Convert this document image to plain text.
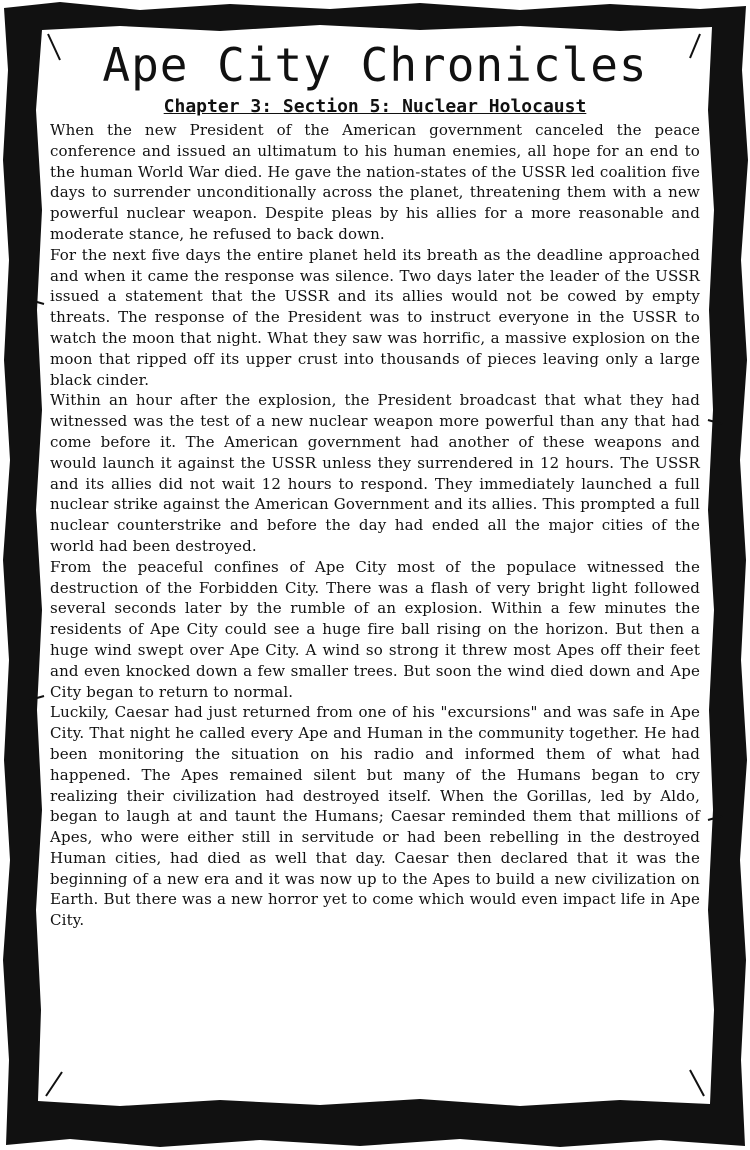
Ape City Chronicles
Chapter 3: Section 5: Nuclear Holocaust

When the new President of the American government canceled the peace conference and issued an ultimatum to his human enemies, all hope for an end to the human World War died. He gave the nation-states of the USSR led coalition five days to surrender unconditionally across the planet, threatening them with a new powerful nuclear weapon. Despite pleas by his allies for a more reasonable and moderate stance, he refused to back down.

For the next five days the entire planet held its breath as the deadline approached and when it came the response was silence. Two days later the leader of the USSR issued a statement that the USSR and its allies would not be cowed by empty threats. The response of the President was to instruct everyone in the USSR to watch the moon that night. What they saw was horrific, a massive explosion on the moon that ripped off its upper crust into thousands of pieces leaving only a large black cinder.

Within an hour after the explosion, the President broadcast that what they had witnessed was the test of a new nuclear weapon more powerful than any that had come before it. The American government had another of these weapons and would launch it against the USSR unless they surrendered in 12 hours. The USSR and its allies did not wait 12 hours to respond. They immediately launched a full nuclear strike against the American Government and its allies. This prompted a full nuclear counterstrike and before the day had ended all the major cities of the world had been destroyed.

From the peaceful confines of Ape City most of the populace witnessed the destruction of the Forbidden City. There was a flash of very bright light followed several seconds later by the rumble of an explosion. Within a few minutes the residents of Ape City could see a huge fire ball rising on the horizon. But then a huge wind swept over Ape City. A wind so strong it threw most Apes off their feet and even knocked down a few smaller trees. But soon the wind died down and Ape City began to return to normal.

Luckily, Caesar had just returned from one of his "excursions" and was safe in Ape City. That night he called every Ape and Human in the community together. He had been monitoring the situation on his radio and informed them of what had happened. The Apes remained silent but many of the Humans began to cry realizing their civilization had destroyed itself. When the Gorillas, led by Aldo, began to laugh at and taunt the Humans; Caesar reminded them that millions of Apes, who were either still in servitude or had been rebelling in the destroyed Human cities, had died as well that day. Caesar then declared that it was the beginning of a new era and it was now up to the Apes to build a new civilization on Earth. But there was a new horror yet to come which would even impact life in Ape City.
